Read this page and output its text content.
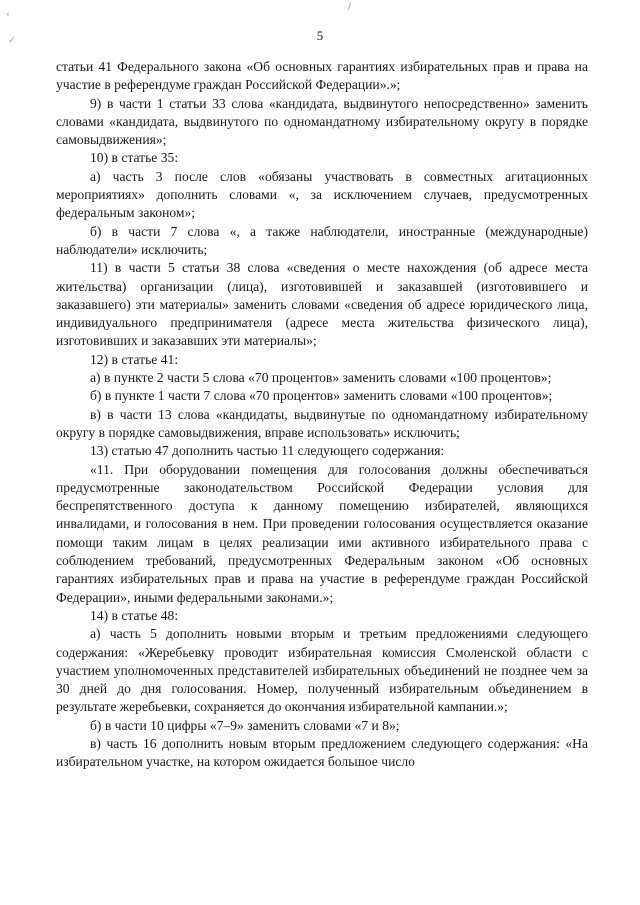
‹
✓
/
5

статьи 41 Федерального закона «Об основных гарантиях избирательных прав и права на участие в референдуме граждан Российской Федерации».»;

9) в части 1 статьи 33 слова «кандидата, выдвинутого непосредственно» заменить словами «кандидата, выдвинутого по одномандатному избирательному округу в порядке самовыдвижения»;

10) в статье 35:

а) часть 3 после слов «обязаны участвовать в совместных агитационных мероприятиях» дополнить словами «, за исключением случаев, предусмотренных федеральным законом»;

б) в части 7 слова «, а также наблюдатели, иностранные (международные) наблюдатели» исключить;

11) в части 5 статьи 38 слова «сведения о месте нахождения (об адресе места жительства) организации (лица), изготовившей и заказавшей (изготовившего и заказавшего) эти материалы» заменить словами «сведения об адресе юридического лица, индивидуального предпринимателя (адресе места жительства физического лица), изготовивших и заказавших эти материалы»;

12) в статье 41:

а) в пункте 2 части 5 слова «70 процентов» заменить словами «100 процентов»;

б) в пункте 1 части 7 слова «70 процентов» заменить словами «100 процентов»;

в) в части 13 слова «кандидаты, выдвинутые по одномандатному избирательному округу в порядке самовыдвижения, вправе использовать» исключить;

13) статью 47 дополнить частью 11 следующего содержания:

«11. При оборудовании помещения для голосования должны обеспечиваться предусмотренные законодательством Российской Федерации условия для беспрепятственного доступа к данному помещению избирателей, являющихся инвалидами, и голосования в нем. При проведении голосования осуществляется оказание помощи таким лицам в целях реализации ими активного избирательного права с соблюдением требований, предусмотренных Федеральным законом «Об основных гарантиях избирательных прав и права на участие в референдуме граждан Российской Федерации», иными федеральными законами.»;

14) в статье 48:

а) часть 5 дополнить новыми вторым и третьим предложениями следующего содержания: «Жеребьевку проводит избирательная комиссия Смоленской области с участием уполномоченных представителей избирательных объединений не позднее чем за 30 дней до дня голосования. Номер, полученный избирательным объединением в результате жеребьевки, сохраняется до окончания избирательной кампании.»;

б) в части 10 цифры «7–9» заменить словами «7 и 8»;

в) часть 16 дополнить новым вторым предложением следующего содержания: «На избирательном участке, на котором ожидается большое число
